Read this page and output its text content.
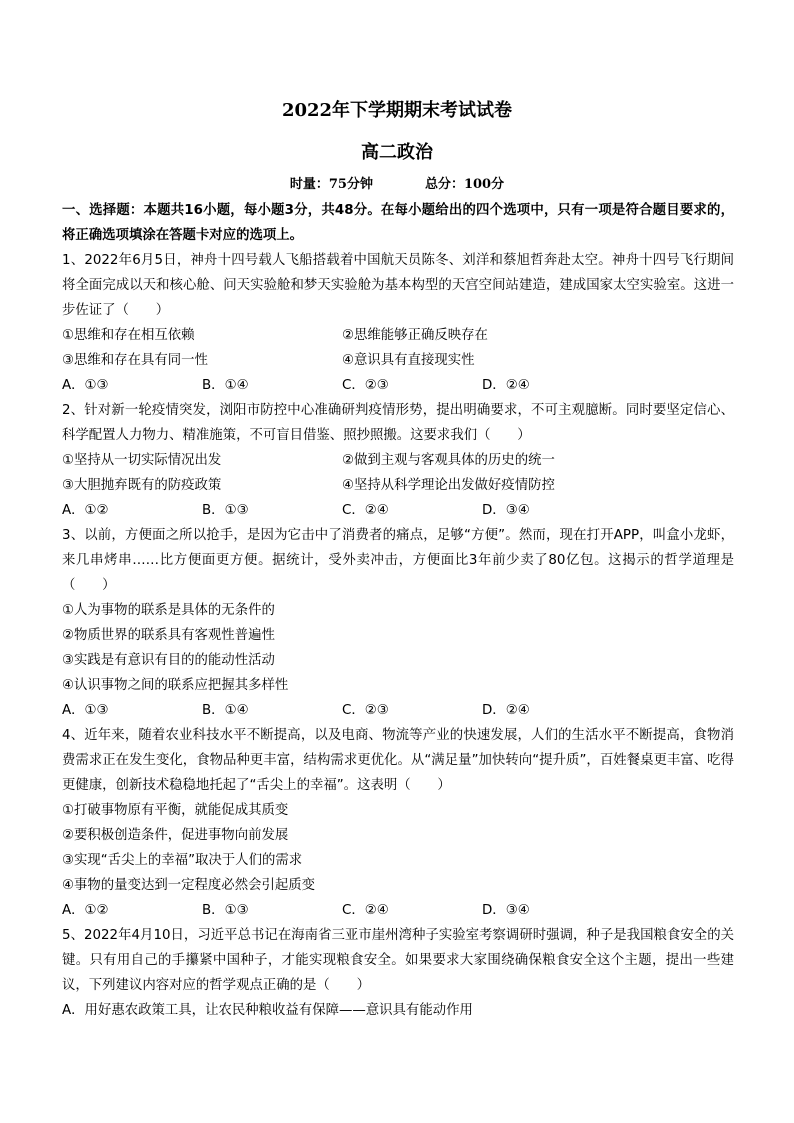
2022年下学期期末考试试卷
高二政治
时量：75分钟	总分：100分

一、选择题：本题共16小题，每小题3分，共48分。在每小题给出的四个选项中，只有一项是符合题目要求的，将正确选项填涂在答题卡对应的选项上。

1、2022年6月5日，神舟十四号载人飞船搭载着中国航天员陈冬、刘洋和蔡旭哲奔赴太空。神舟十四号飞行期间将全面完成以天和核心舱、问天实验舱和梦天实验舱为基本构型的天宫空间站建造，建成国家太空实验室。这进一步佐证了（　　）

①思维和存在相互依赖	②思维能够正确反映存在
③思维和存在具有同一性	④意识具有直接现实性
A．①③	B．①④	C．②③	D．②④

2、针对新一轮疫情突发，浏阳市防控中心准确研判疫情形势，提出明确要求，不可主观臆断。同时要坚定信心、科学配置人力物力、精准施策，不可盲目借鉴、照抄照搬。这要求我们（　　）

①坚持从一切实际情况出发	②做到主观与客观具体的历史的统一
③大胆抛弃既有的防疫政策	④坚持从科学理论出发做好疫情防控
A．①②	B．①③	C．②④	D．③④

3、以前，方便面之所以抢手，是因为它击中了消费者的痛点，足够“方便”。然而，现在打开APP，叫盒小龙虾，来几串烤串……比方便面更方便。据统计，受外卖冲击，方便面比3年前少卖了80亿包。这揭示的哲学道理是（　　）

①人为事物的联系是具体的无条件的
②物质世界的联系具有客观性普遍性
③实践是有意识有目的的能动性活动
④认识事物之间的联系应把握其多样性
A．①③	B．①④	C．②③	D．②④

4、近年来，随着农业科技水平不断提高，以及电商、物流等产业的快速发展，人们的生活水平不断提高，食物消费需求正在发生变化，食物品种更丰富，结构需求更优化。从“满足量”加快转向“提升质”，百姓餐桌更丰富、吃得更健康，创新技术稳稳地托起了“舌尖上的幸福”。这表明（　　）

①打破事物原有平衡，就能促成其质变
②要积极创造条件，促进事物向前发展
③实现“舌尖上的幸福”取决于人们的需求
④事物的量变达到一定程度必然会引起质变
A．①②	B．①③	C．②④	D．③④

5、2022年4月10日，习近平总书记在海南省三亚市崖州湾种子实验室考察调研时强调，种子是我国粮食安全的关键。只有用自己的手攥紧中国种子，才能实现粮食安全。如果要求大家围绕确保粮食安全这个主题，提出一些建议，下列建议内容对应的哲学观点正确的是（　　）

A．用好惠农政策工具，让农民种粮收益有保障——意识具有能动作用
